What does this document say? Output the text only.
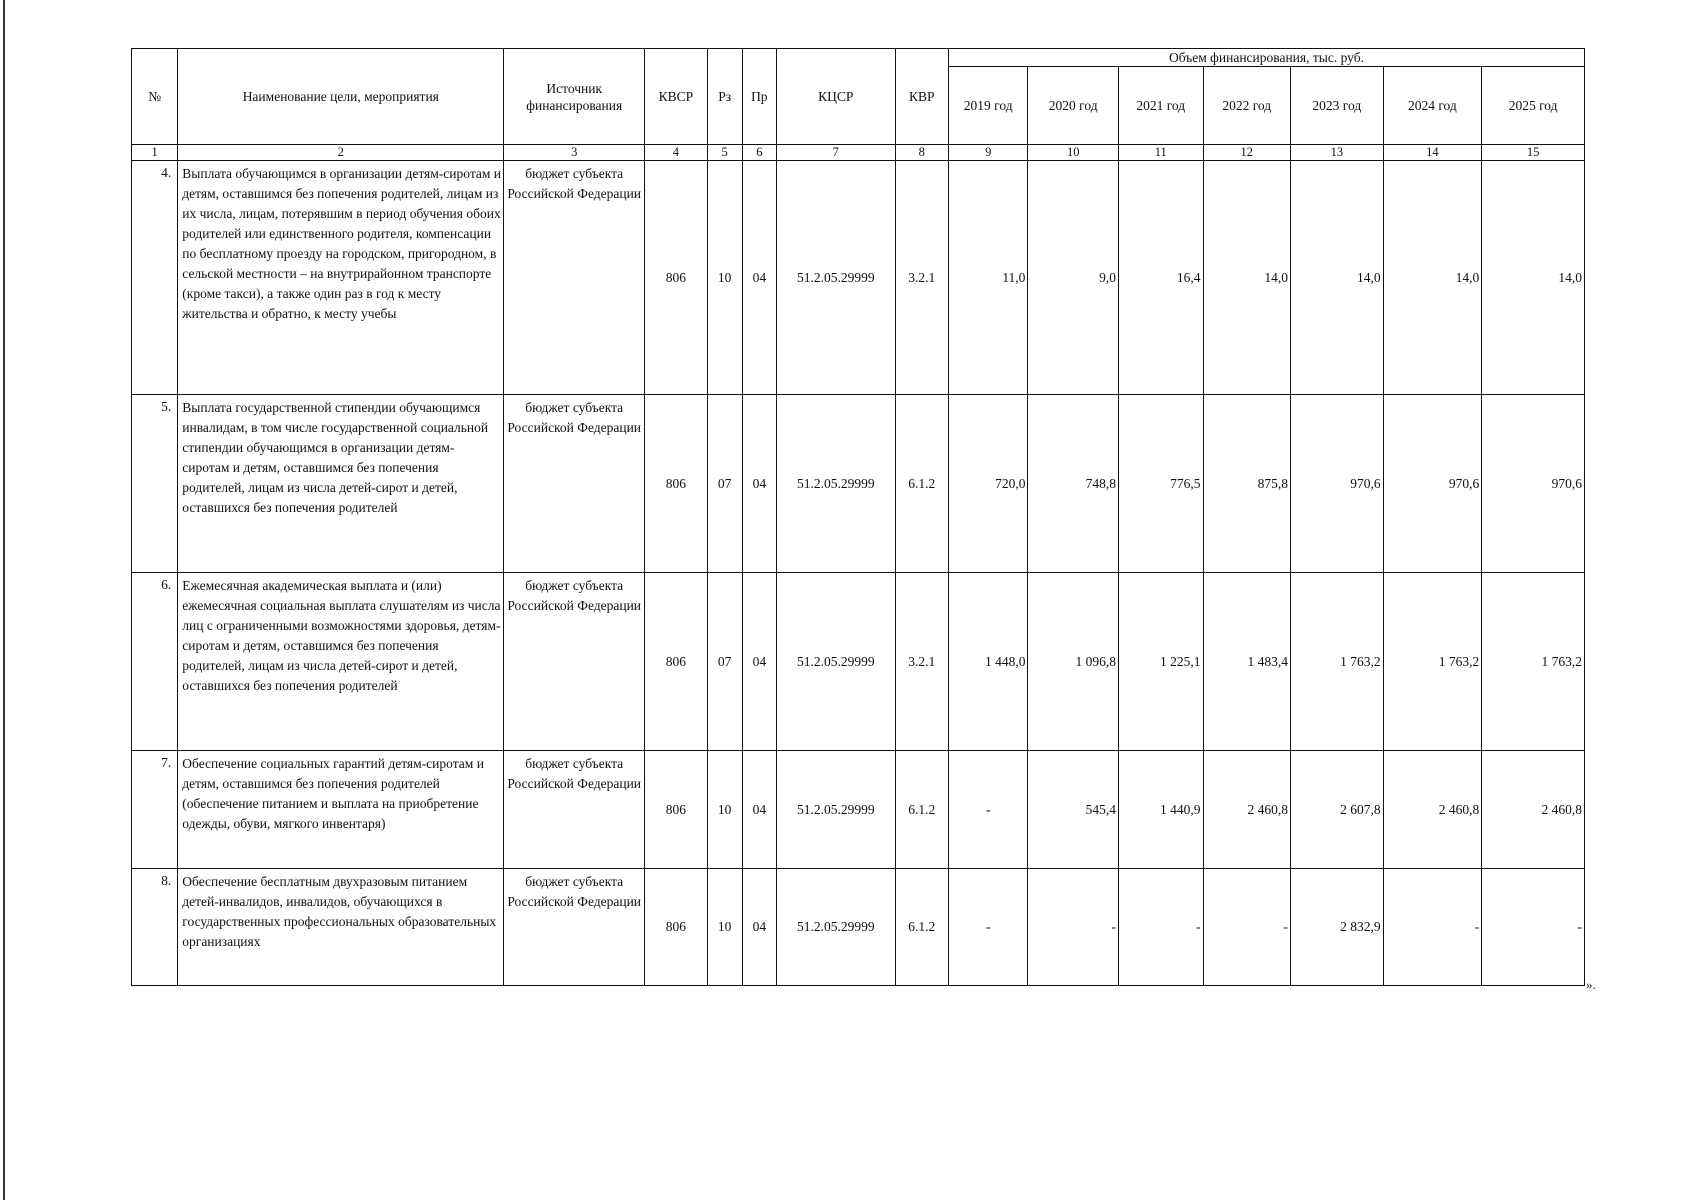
№	Наименование цели, мероприятия	Источник финансирования	КВСР	Рз	Пр	КЦСР	КВР	Объем финансирования, тыс. руб.						
								2019 год	2020 год	2021 год	2022 год	2023 год	2024 год	2025 год
1	2	3	4	5	6	7	8	9	10	11	12	13	14	15
4.	Выплата обучающимся в организации детям-сиротам и детям, оставшимся без попечения родителей, лицам из их числа, лицам, потерявшим в период обучения обоих родителей или единственного родителя, компенсации по бесплатному проезду на городском, пригородном, в сельской местности – на внутрирайонном транспорте (кроме такси), а также один раз в год к месту жительства и обратно, к месту учебы	бюджет субъекта Российской Федерации	806	10	04	51.2.05.29999	3.2.1	11,0	9,0	16,4	14,0	14,0	14,0	14,0
5.	Выплата государственной стипендии обучающимся инвалидам, в том числе государственной социальной стипендии обучающимся в организации детям-сиротам и детям, оставшимся без попечения родителей, лицам из числа детей-сирот и детей, оставшихся без попечения родителей	бюджет субъекта Российской Федерации	806	07	04	51.2.05.29999	6.1.2	720,0	748,8	776,5	875,8	970,6	970,6	970,6
6.	Ежемесячная академическая выплата и (или) ежемесячная социальная выплата слушателям из числа лиц с ограниченными возможностями здоровья, детям-сиротам и детям, оставшимся без попечения родителей, лицам из числа детей-сирот и детей, оставшихся без попечения родителей	бюджет субъекта Российской Федерации	806	07	04	51.2.05.29999	3.2.1	1 448,0	1 096,8	1 225,1	1 483,4	1 763,2	1 763,2	1 763,2
7.	Обеспечение социальных гарантий детям-сиротам и детям, оставшимся без попечения родителей (обеспечение питанием и выплата на приобретение одежды, обуви, мягкого инвентаря)	бюджет субъекта Российской Федерации	806	10	04	51.2.05.29999	6.1.2	-	545,4	1 440,9	2 460,8	2 607,8	2 460,8	2 460,8
8.	Обеспечение бесплатным двухразовым питанием детей-инвалидов, инвалидов, обучающихся в государственных профессиональных образовательных организациях	бюджет субъекта Российской Федерации	806	10	04	51.2.05.29999	6.1.2	-	-	-	-	2 832,9	-	-
».
